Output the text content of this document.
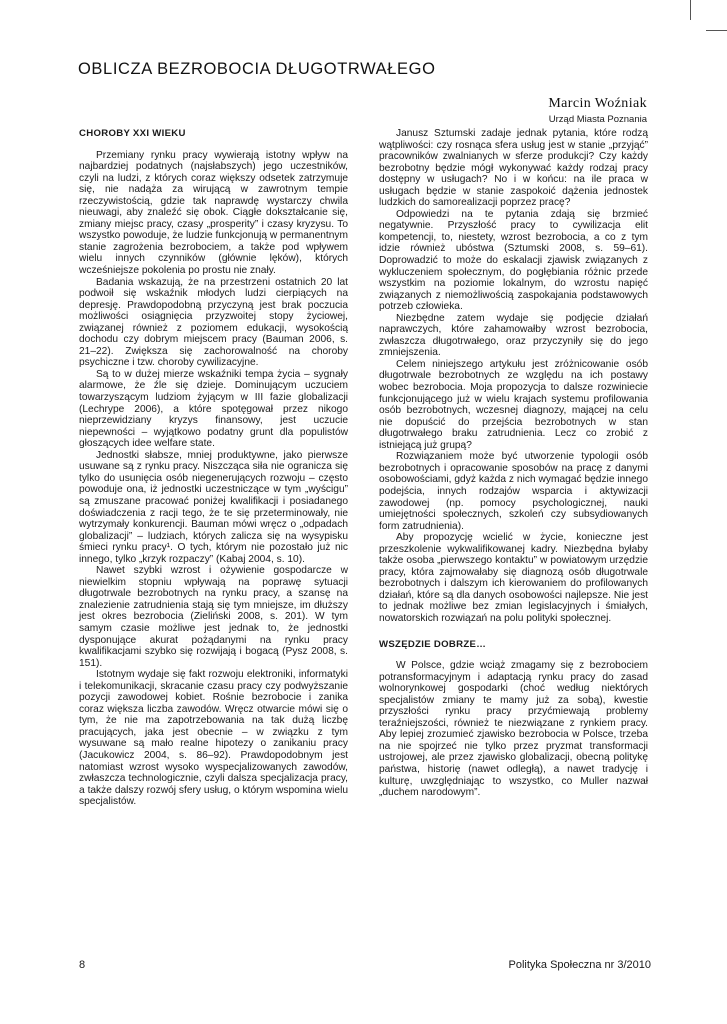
OBLICZA BEZROBOCIA DŁUGOTRWAŁEGO
Marcin Woźniak
Urząd Miasta Poznania
CHOROBY XXI WIEKU

Przemiany rynku pracy wywierają istotny wpływ na najbardziej podatnych (najsłabszych) jego uczestników, czyli na ludzi, z których coraz większy odsetek zatrzymuje się, nie nadąża za wirującą w zawrotnym tempie rzeczywistością, gdzie tak naprawdę wystarczy chwila nieuwagi, aby znaleźć się obok. Ciągłe dokształcanie się, zmiany miejsc pracy, czasy „prosperity” i czasy kryzysu. To wszystko powoduje, że ludzie funkcjonują w permanentnym stanie zagrożenia bezrobociem, a także pod wpływem wielu innych czynników (głównie lęków), których wcześniejsze pokolenia po prostu nie znały.

Badania wskazują, że na przestrzeni ostatnich 20 lat podwoił się wskaźnik młodych ludzi cierpiących na depresję. Prawdopodobną przyczyną jest brak poczucia możliwości osiągnięcia przyzwoitej stopy życiowej, związanej również z poziomem edukacji, wysokością dochodu czy dobrym miejscem pracy (Bauman 2006, s. 21–22). Zwiększa się zachorowalność na choroby psychiczne i tzw. choroby cywilizacyjne.

Są to w dużej mierze wskaźniki tempa życia – sygnały alarmowe, że źle się dzieje. Dominującym uczuciem towarzyszącym ludziom żyjącym w III fazie globalizacji (Lechrype 2006), a które spotęgował przez nikogo nieprzewidziany kryzys finansowy, jest uczucie niepewności – wyjątkowo podatny grunt dla populistów głoszących idee welfare state.

Jednostki słabsze, mniej produktywne, jako pierwsze usuwane są z rynku pracy. Niszcząca siła nie ogranicza się tylko do usunięcia osób niegenerujących rozwoju – często powoduje ona, iż jednostki uczestniczące w tym „wyścigu” są zmuszane pracować poniżej kwalifikacji i posiadanego doświadczenia z racji tego, że te się przeterminowały, nie wytrzymały konkurencji. Bauman mówi wręcz o „odpadach globalizacji” – ludziach, których zalicza się na wysypisku śmieci rynku pracy¹. O tych, którym nie pozostało już nic innego, tylko „krzyk rozpaczy” (Kabaj 2004, s. 10).

Nawet szybki wzrost i ożywienie gospodarcze w niewielkim stopniu wpływają na poprawę sytuacji długotrwale bezrobotnych na rynku pracy, a szansę na znalezienie zatrudnienia stają się tym mniejsze, im dłuższy jest okres bezrobocia (Zieliński 2008, s. 201). W tym samym czasie możliwe jest jednak to, że jednostki dysponujące akurat pożądanymi na rynku pracy kwalifikacjami szybko się rozwijają i bogacą (Pysz 2008, s. 151).

Istotnym wydaje się fakt rozwoju elektroniki, informatyki i telekomunikacji, skracanie czasu pracy czy podwyższanie pozycji zawodowej kobiet. Rośnie bezrobocie i zanika coraz większa liczba zawodów. Wręcz otwarcie mówi się o tym, że nie ma zapotrzebowania na tak dużą liczbę pracujących, jaka jest obecnie – w związku z tym wysuwane są mało realne hipotezy o zanikaniu pracy (Jacukowicz 2004, s. 86–92). Prawdopodobnym jest natomiast wzrost wysoko wyspecjalizowanych zawodów, zwłaszcza technologicznie, czyli dalsza specjalizacja pracy, a także dalszy rozwój sfery usług, o którym wspomina wielu specjalistów.

Janusz Sztumski zadaje jednak pytania, które rodzą wątpliwości: czy rosnąca sfera usług jest w stanie „przyjąć” pracowników zwalnianych w sferze produkcji? Czy każdy bezrobotny będzie mógł wykonywać każdy rodzaj pracy dostępny w usługach? No i w końcu: na ile praca w usługach będzie w stanie zaspokoić dążenia jednostek ludzkich do samorealizacji poprzez pracę?

Odpowiedzi na te pytania zdają się brzmieć negatywnie. Przyszłość pracy to cywilizacja elit kompetencji, to, niestety, wzrost bezrobocia, a co z tym idzie również ubóstwa (Sztumski 2008, s. 59–61). Doprowadzić to może do eskalacji zjawisk związanych z wykluczeniem społecznym, do pogłębiania różnic przede wszystkim na poziomie lokalnym, do wzrostu napięć związanych z niemożliwością zaspokajania podstawowych potrzeb człowieka.

Niezbędne zatem wydaje się podjęcie działań naprawczych, które zahamowałby wzrost bezrobocia, zwłaszcza długotrwałego, oraz przyczyniły się do jego zmniejszenia.

Celem niniejszego artykułu jest zróżnicowanie osób długotrwale bezrobotnych ze względu na ich postawy wobec bezrobocia. Moja propozycja to dalsze rozwiniecie funkcjonującego już w wielu krajach systemu profilowania osób bezrobotnych, wczesnej diagnozy, mającej na celu nie dopuścić do przejścia bezrobotnych w stan długotrwałego braku zatrudnienia. Lecz co zrobić z istniejącą już grupą?

Rozwiązaniem może być utworzenie typologii osób bezrobotnych i opracowanie sposobów na pracę z danymi osobowościami, gdyż każda z nich wymagać będzie innego podejścia, innych rodzajów wsparcia i aktywizacji zawodowej (np. pomocy psychologicznej, nauki umiejętności społecznych, szkoleń czy subsydiowanych form zatrudnienia).

Aby propozycję wcielić w życie, konieczne jest przeszkolenie wykwalifikowanej kadry. Niezbędna byłaby także osoba „pierwszego kontaktu” w powiatowym urzędzie pracy, która zajmowałaby się diagnozą osób długotrwale bezrobotnych i dalszym ich kierowaniem do profilowanych działań, które są dla danych osobowości najlepsze. Nie jest to jednak możliwe bez zmian legislacyjnych i śmiałych, nowatorskich rozwiązań na polu polityki społecznej.

WSZĘDZIE DOBRZE…

W Polsce, gdzie wciąż zmagamy się z bezrobociem potransformacyjnym i adaptacją rynku pracy do zasad wolnorynkowej gospodarki (choć według niektórych specjalistów zmiany te mamy już za sobą), kwestie przyszłości rynku pracy przyćmiewają problemy teraźniejszości, również te niezwiązane z rynkiem pracy. Aby lepiej zrozumieć zjawisko bezrobocia w Polsce, trzeba na nie spojrzeć nie tylko przez pryzmat transformacji ustrojowej, ale przez zjawisko globalizacji, obecną politykę państwa, historię (nawet odległą), a nawet tradycję i kulturę, uwzględniając to wszystko, co Muller nazwał „duchem narodowym”.

8	Polityka Społeczna nr 3/2010
